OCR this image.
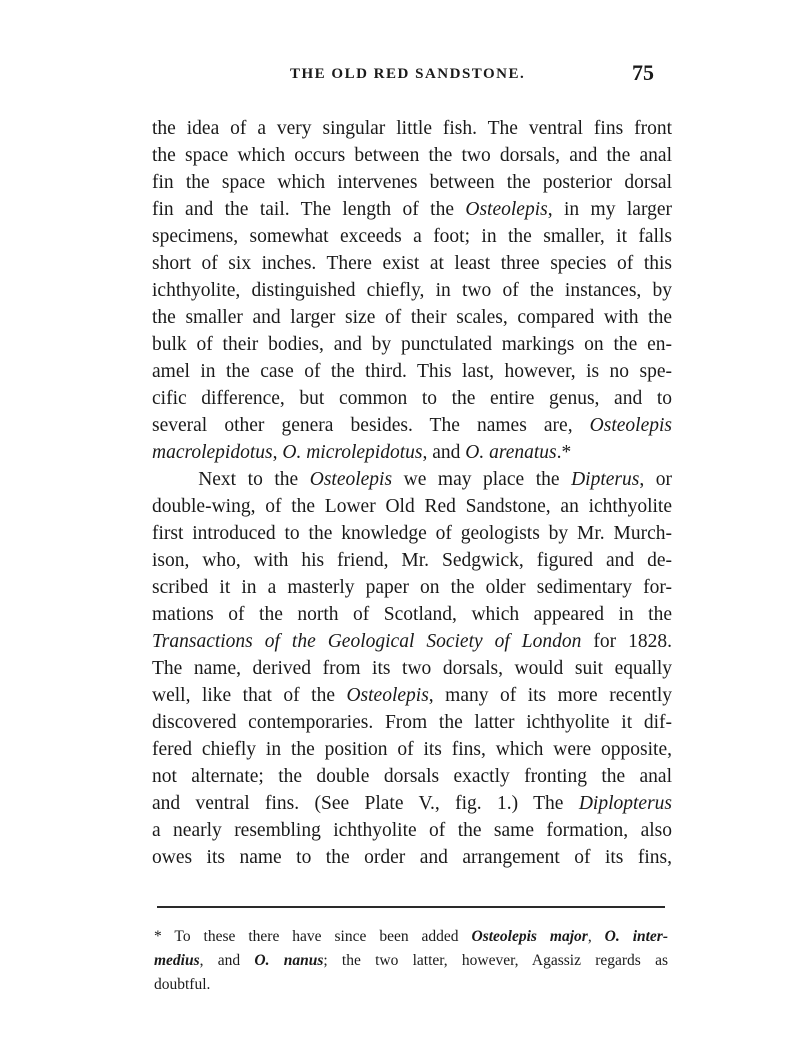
THE OLD RED SANDSTONE.	75
the idea of a very singular little fish. The ventral fins front
the space which occurs between the two dorsals, and the anal
fin the space which intervenes between the posterior dorsal
fin and the tail. The length of the Osteolepis, in my larger
specimens, somewhat exceeds a foot; in the smaller, it falls
short of six inches. There exist at least three species of this
ichthyolite, distinguished chiefly, in two of the instances, by
the smaller and larger size of their scales, compared with the
bulk of their bodies, and by punctulated markings on the en-
amel in the case of the third. This last, however, is no spe-
cific difference, but common to the entire genus, and to
several other genera besides. The names are, Osteolepis
macrolepidotus, O. microlepidotus, and O. arenatus.*
Next to the Osteolepis we may place the Dipterus, or
double-wing, of the Lower Old Red Sandstone, an ichthyolite
first introduced to the knowledge of geologists by Mr. Murch-
ison, who, with his friend, Mr. Sedgwick, figured and de-
scribed it in a masterly paper on the older sedimentary for-
mations of the north of Scotland, which appeared in the
Transactions of the Geological Society of London for 1828.
The name, derived from its two dorsals, would suit equally
well, like that of the Osteolepis, many of its more recently
discovered contemporaries. From the latter ichthyolite it dif-
fered chiefly in the position of its fins, which were opposite,
not alternate; the double dorsals exactly fronting the anal
and ventral fins. (See Plate V., fig. 1.) The Diplopterus
a nearly resembling ichthyolite of the same formation, also
owes its name to the order and arrangement of its fins,
* To these there have since been added Osteolepis major, O. inter-
medius, and O. nanus; the two latter, however, Agassiz regards as
doubtful.
